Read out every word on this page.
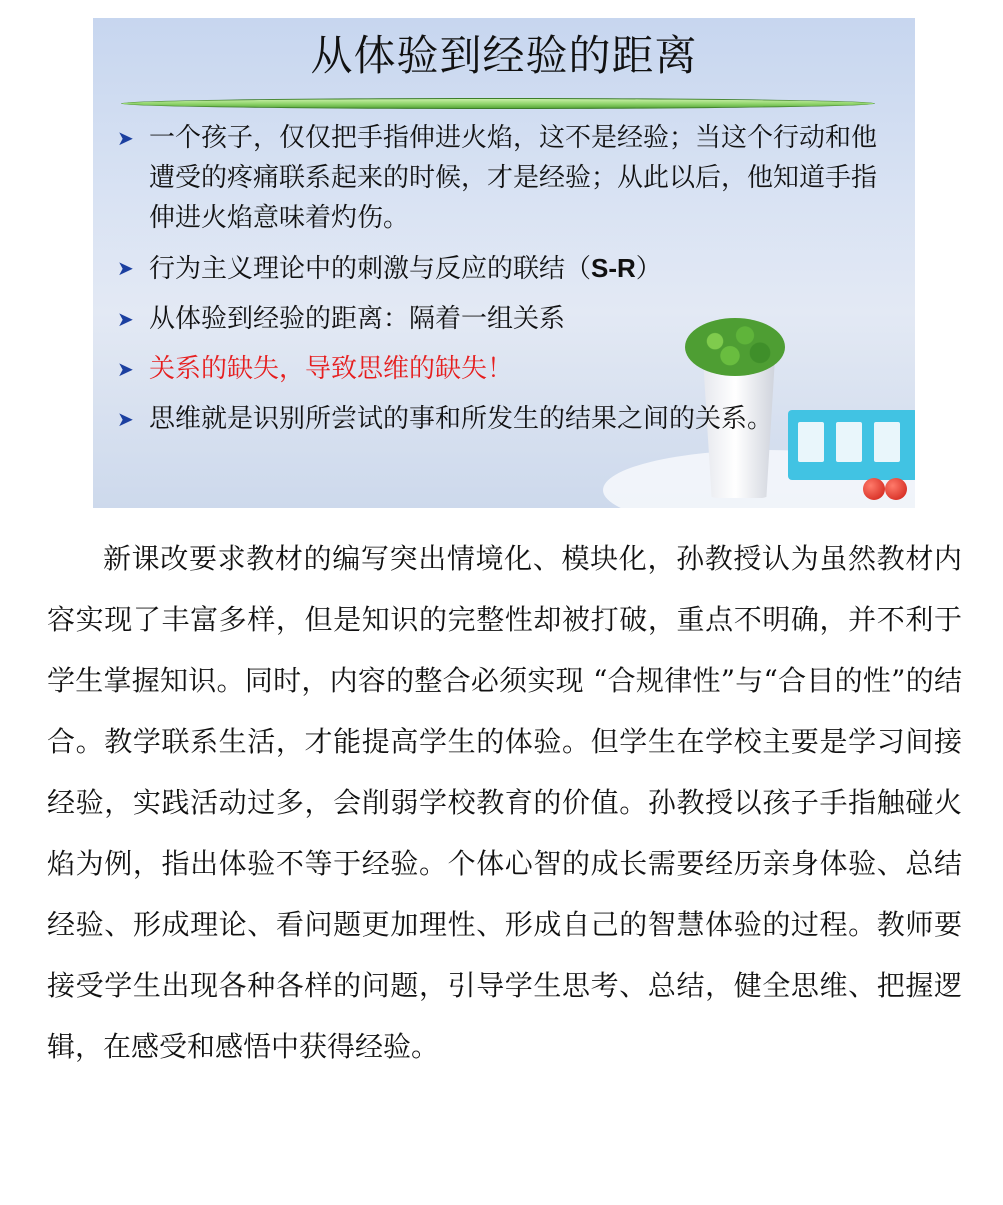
从体验到经验的距离
➤ 一个孩子，仅仅把手指伸进火焰，这不是经验；当这个行动和他遭受的疼痛联系起来的时候，才是经验；从此以后，他知道手指伸进火焰意味着灼伤。
➤ 行为主义理论中的刺激与反应的联结（S-R）
➤ 从体验到经验的距离：隔着一组关系
➤ 关系的缺失，导致思维的缺失！
➤ 思维就是识别所尝试的事和所发生的结果之间的关系。

新课改要求教材的编写突出情境化、模块化，孙教授认为虽然教材内容实现了丰富多样，但是知识的完整性却被打破，重点不明确，并不利于学生掌握知识。同时，内容的整合必须实现 “合规律性”与“合目的性”的结合。教学联系生活，才能提高学生的体验。但学生在学校主要是学习间接经验，实践活动过多，会削弱学校教育的价值。孙教授以孩子手指触碰火焰为例，指出体验不等于经验。个体心智的成长需要经历亲身体验、总结经验、形成理论、看问题更加理性、形成自己的智慧体验的过程。教师要接受学生出现各种各样的问题，引导学生思考、总结，健全思维、把握逻辑，在感受和感悟中获得经验。
